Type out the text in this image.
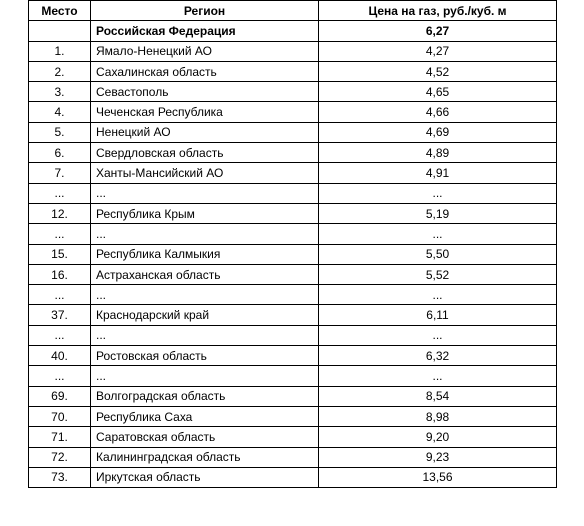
Место	Регион	Цена на газ, руб./куб. м
	Российская Федерация	6,27
1.	Ямало-Ненецкий АО	4,27
2.	Сахалинская область	4,52
3.	Севастополь	4,65
4.	Чеченская Республика	4,66
5.	Ненецкий АО	4,69
6.	Свердловская область	4,89
7.	Ханты-Мансийский АО	4,91
...	...	...
12.	Республика Крым	5,19
...	...	...
15.	Республика Калмыкия	5,50
16.	Астраханская область	5,52
...	...	...
37.	Краснодарский край	6,11
...	...	...
40.	Ростовская область	6,32
...	...	...
69.	Волгоградская область	8,54
70.	Республика Саха	8,98
71.	Саратовская область	9,20
72.	Калининградская область	9,23
73.	Иркутская область	13,56
